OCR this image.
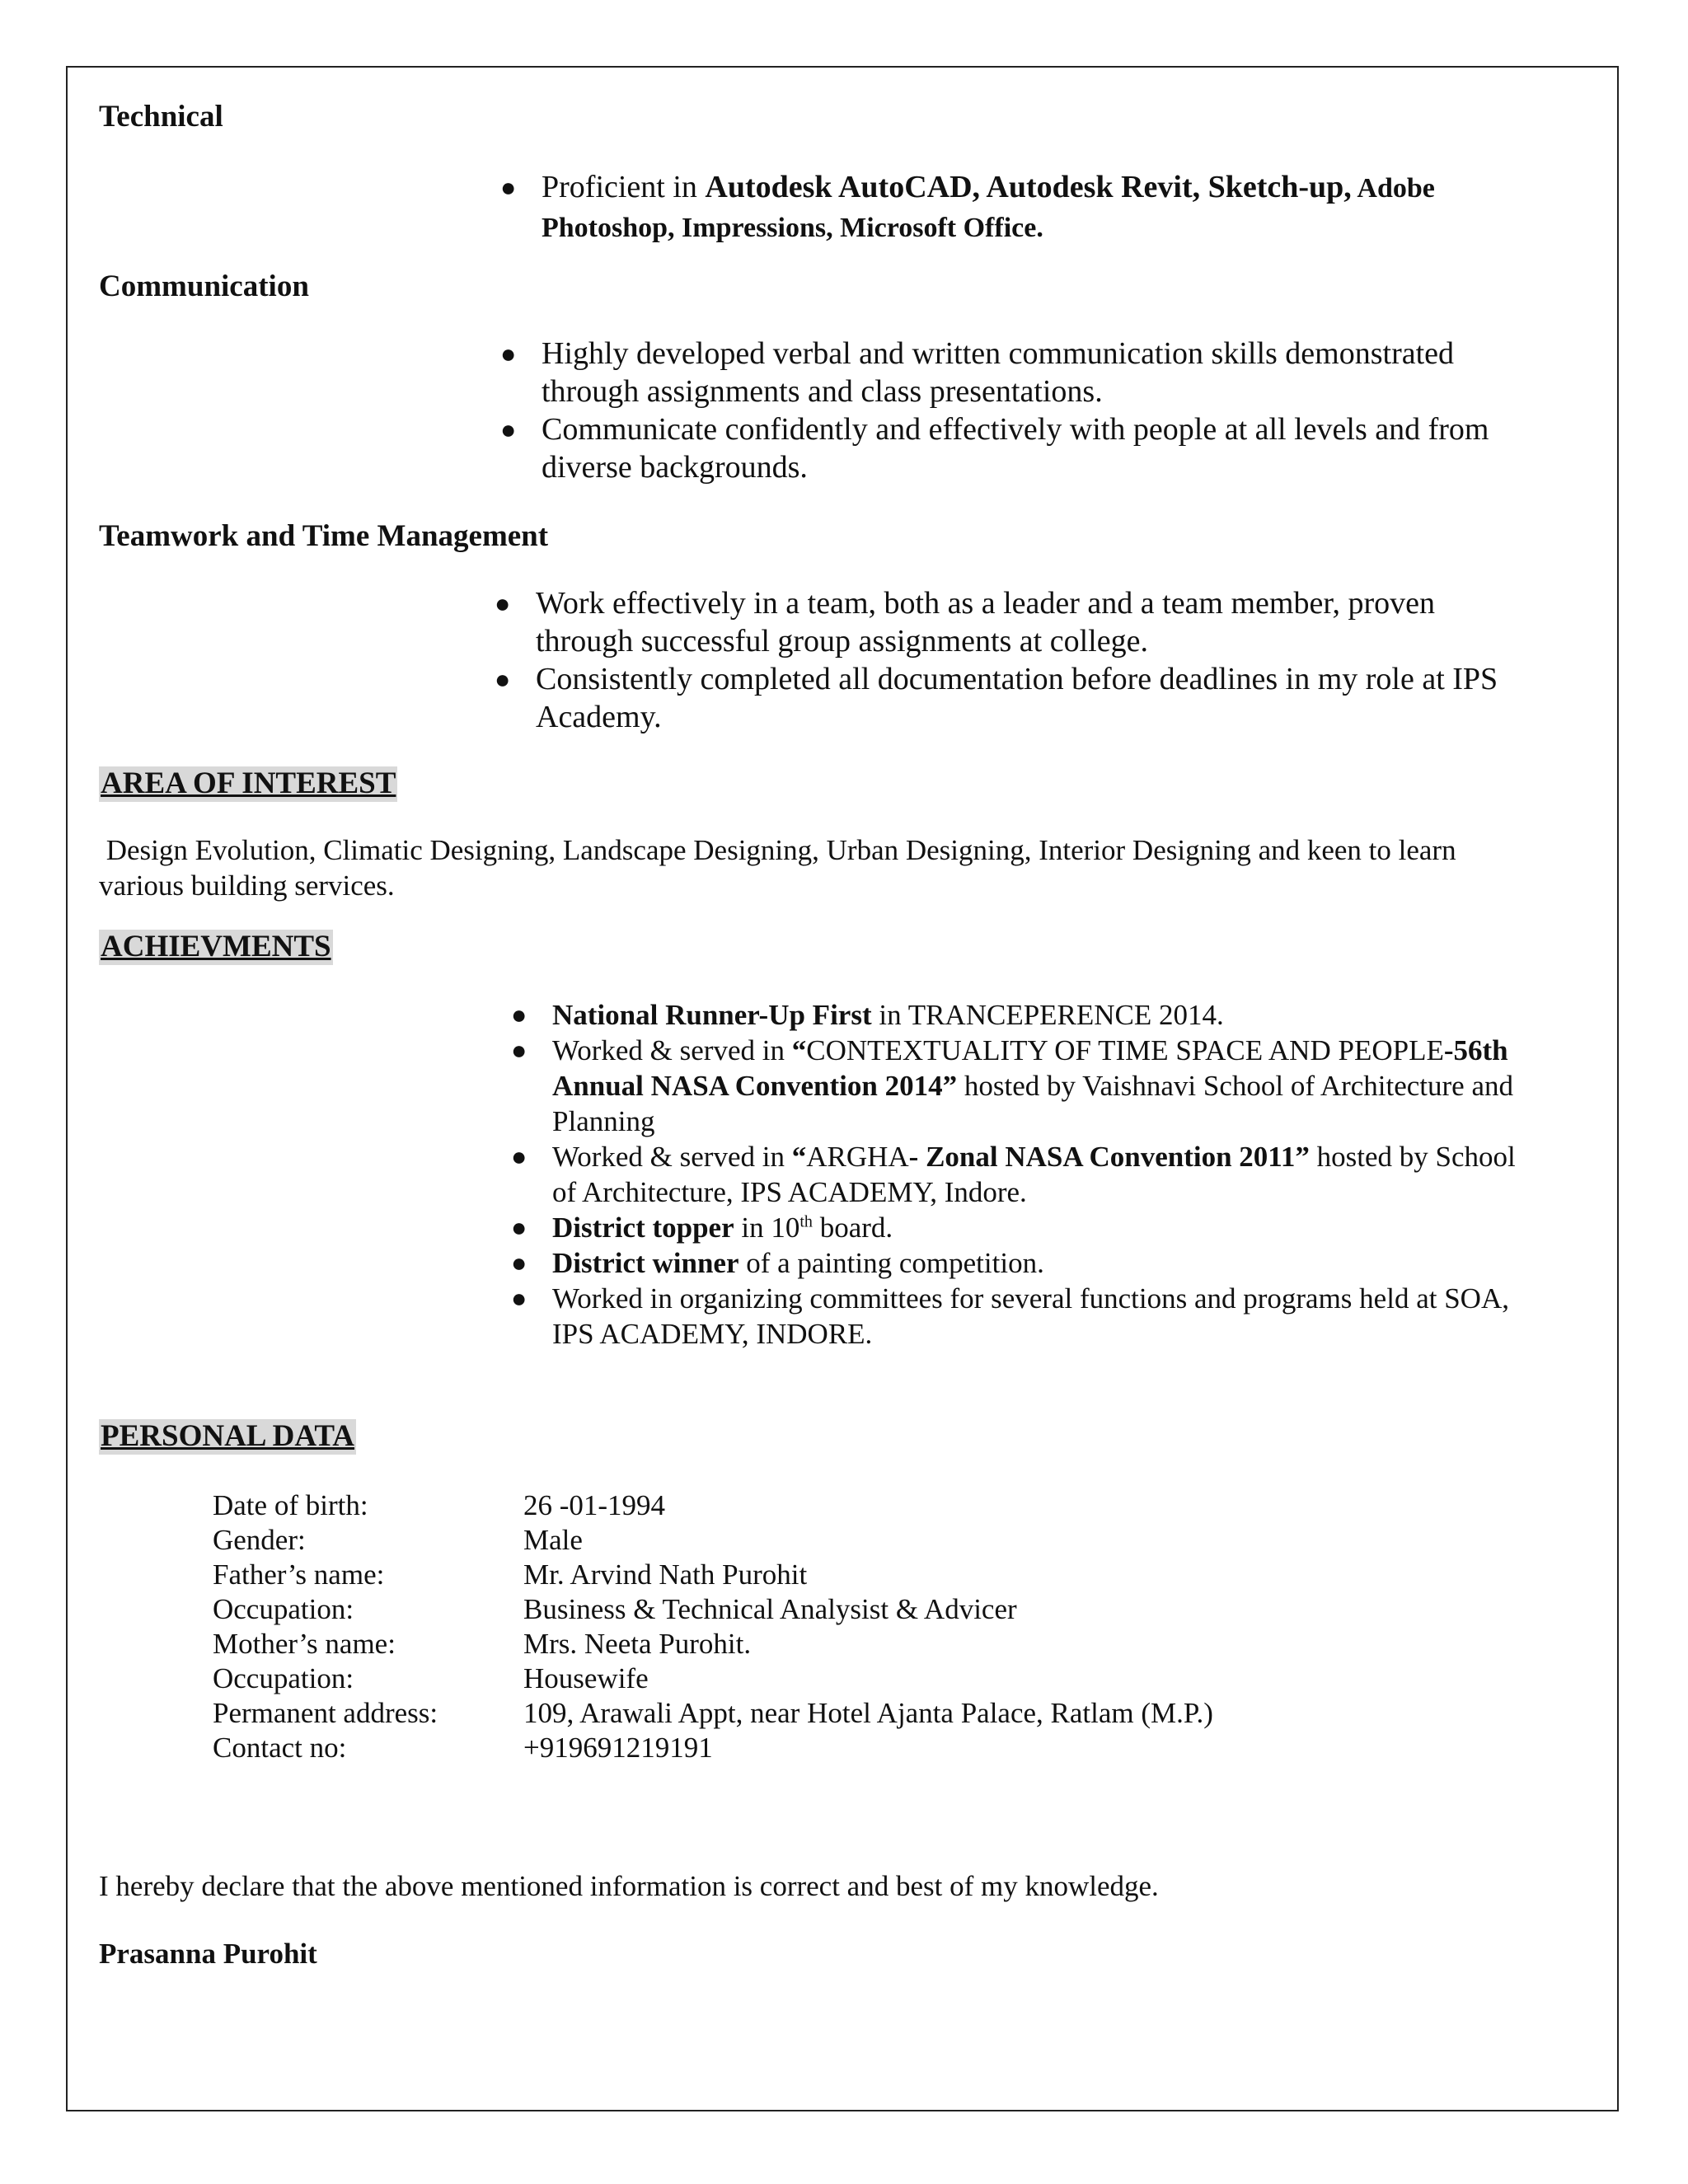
Technical
● Proficient in Autodesk AutoCAD, Autodesk Revit, Sketch-up, Adobe
Photoshop, Impressions, Microsoft Office.
Communication
● Highly developed verbal and written communication skills demonstrated
through assignments and class presentations.
● Communicate confidently and effectively with people at all levels and from
diverse backgrounds.
Teamwork and Time Management
● Work effectively in a team, both as a leader and a team member, proven
through successful group assignments at college.
● Consistently completed all documentation before deadlines in my role at IPS
Academy.
AREA OF INTEREST
Design Evolution, Climatic Designing, Landscape Designing, Urban Designing, Interior Designing and keen to learn
various building services.
ACHIEVMENTS
● National Runner-Up First in TRANCEPERENCE 2014.
● Worked & served in “CONTEXTUALITY OF TIME SPACE AND PEOPLE-56th
Annual NASA Convention 2014” hosted by Vaishnavi School of Architecture and
Planning
● Worked & served in “ARGHA- Zonal NASA Convention 2011” hosted by School
of Architecture, IPS ACADEMY, Indore.
● District topper in 10th board.
● District winner of a painting competition.
● Worked in organizing committees for several functions and programs held at SOA,
IPS ACADEMY, INDORE.
PERSONAL DATA
Date of birth:	26 -01-1994
Gender:	Male
Father’s name:	Mr. Arvind Nath Purohit
Occupation:	Business & Technical Analysist & Advicer
Mother’s name:	Mrs. Neeta Purohit.
Occupation:	Housewife
Permanent address:	109, Arawali Appt, near Hotel Ajanta Palace, Ratlam (M.P.)
Contact no:	+919691219191
I hereby declare that the above mentioned information is correct and best of my knowledge.
Prasanna Purohit
